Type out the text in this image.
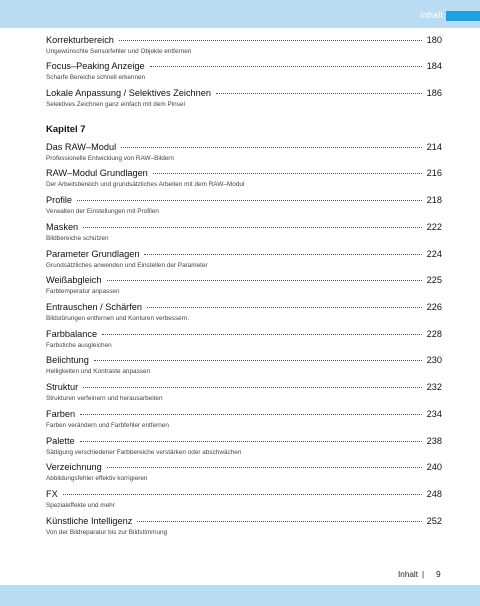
Inhalt
Korrekturbereich	180
Ungewünschte Sensorfehler und Objekte entfernen
Focus–Peaking Anzeige	184
Scharfe Bereiche schnell erkennen
Lokale Anpassung / Selektives Zeichnen	186
Selektives Zeichnen ganz einfach mit dem Pinsel
Kapitel 7
Das RAW–Modul	214
Professionelle Entwicklung von RAW–Bildern
RAW–Modul Grundlagen	216
Der Arbeitsbereich und grundsätzliches Arbeiten mit dem RAW–Modul
Profile	218
Verwalten der Einstellungen mit Profilen
Masken	222
Bildbereiche schützen
Parameter Grundlagen	224
Grundsätzliches anwenden und Einstellen der Parameter
Weißabgleich	225
Farbtemperatur anpassen
Entrauschen / Schärfen	226
Bildstörungen entfernen und Konturen verbessern.
Farbbalance	228
Farbstiche ausgleichen
Belichtung	230
Helligkeiten und Kontraste anpassen
Struktur	232
Strukturen verfeinern und herausarbeiten
Farben	234
Farben verändern und Farbfehler entfernen
Palette	238
Sättigung verschiedener Farbbereiche verstärken oder abschwächen
Verzeichnung	240
Abbildungsfehler effektiv korrigieren
FX	248
Spezialeffekte und mehr
Künstliche Intelligenz	252
Von der Bildreparatur bis zur Bildstimmung
Inhalt | 9
